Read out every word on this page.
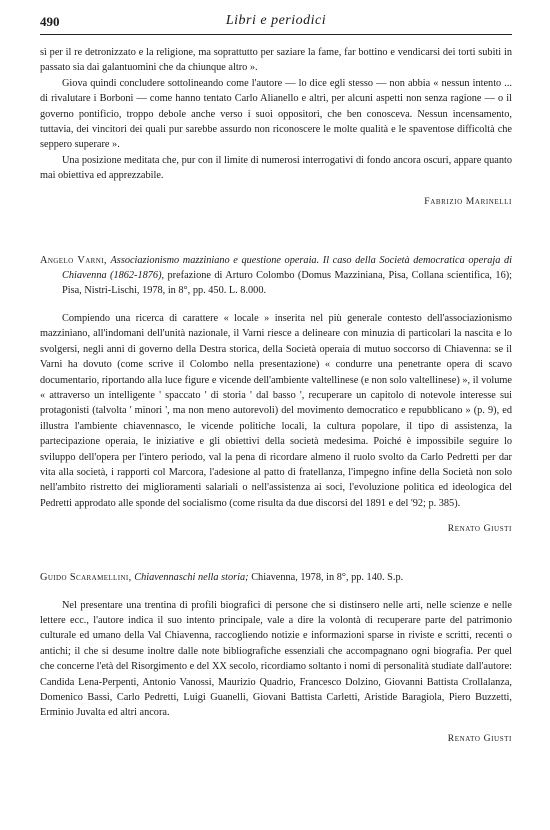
490	Libri e periodici

sì per il re detronizzato e la religione, ma soprattutto per saziare la fame, far bottino e vendicarsi dei torti subiti in passato sia dai galantuomini che da chiunque altro ».

Giova quindi concludere sottolineando come l'autore — lo dice egli stesso — non abbia « nessun intento ... di rivalutare i Borboni — come hanno tentato Carlo Alianello e altri, per alcuni aspetti non senza ragione — o il governo pontificio, troppo debole anche verso i suoi oppositori, che ben conosceva. Nessun incensamento, tuttavia, dei vincitori dei quali pur sarebbe assurdo non riconoscere le molte qualità e le spaventose difficoltà che seppero superare ».

Una posizione meditata che, pur con il limite di numerosi interrogativi di fondo ancora oscuri, appare quanto mai obiettiva ed apprezzabile.

Fabrizio Marinelli
Angelo Varni, Associazionismo mazziniano e questione operaia. Il caso della Società democratica operaja di Chiavenna (1862-1876), prefazione di Arturo Colombo (Domus Mazziniana, Pisa, Collana scientifica, 16); Pisa, Nistri-Lischi, 1978, in 8°, pp. 450. L. 8.000.

Compiendo una ricerca di carattere « locale » inserita nel più generale contesto dell'associazionismo mazziniano, all'indomani dell'unità nazionale, il Varni riesce a delineare con minuzia di particolari la nascita e lo svolgersi, negli anni di governo della Destra storica, della Società operaia di mutuo soccorso di Chiavenna: se il Varni ha dovuto (come scrive il Colombo nella presentazione) « condurre una penetrante opera di scavo documentario, riportando alla luce figure e vicende dell'ambiente valtellinese (e non solo valtellinese) », il volume « attraverso un intelligente ' spaccato ' di storia ' dal basso ', recuperare un capitolo di notevole interesse sui protagonisti (talvolta ' minori ', ma non meno autorevoli) del movimento democratico e repubblicano » (p. 9), ed illustra l'ambiente chiavennasco, le vicende politiche locali, la cultura popolare, il tipo di assistenza, la partecipazione operaia, le iniziative e gli obiettivi della società medesima. Poiché è impossibile seguire lo sviluppo dell'opera per l'intero periodo, val la pena di ricordare almeno il ruolo svolto da Carlo Pedretti per dar vita alla società, i rapporti col Marcora, l'adesione al patto di fratellanza, l'impegno infine della Società non solo nell'ambito ristretto dei miglioramenti salariali o nell'assistenza ai soci, l'evoluzione politica ed ideologica del Pedretti approdato alle sponde del socialismo (come risulta da due discorsi del 1891 e del '92; p. 385).

Renato Giusti
Guido Scaramellini, Chiavennaschi nella storia; Chiavenna, 1978, in 8°, pp. 140. S.p.

Nel presentare una trentina di profili biografici di persone che si distinsero nelle arti, nelle scienze e nelle lettere ecc., l'autore indica il suo intento principale, vale a dire la volontà di recuperare parte del patrimonio culturale ed umano della Val Chiavenna, raccogliendo notizie e informazioni sparse in riviste e scritti, recenti o antichi; il che si desume inoltre dalle note bibliografiche essenziali che accompagnano ogni biografia. Per quel che concerne l'età del Risorgimento e del XX secolo, ricordiamo soltanto i nomi di personalità studiate dall'autore: Candida Lena-Perpenti, Antonio Vanossi, Maurizio Quadrio, Francesco Dolzino, Giovanni Battista Crollalanza, Domenico Bassi, Carlo Pedretti, Luigi Guanelli, Giovani Battista Carletti, Aristide Baragiola, Piero Buzzetti, Erminio Juvalta ed altri ancora.

Renato Giusti
